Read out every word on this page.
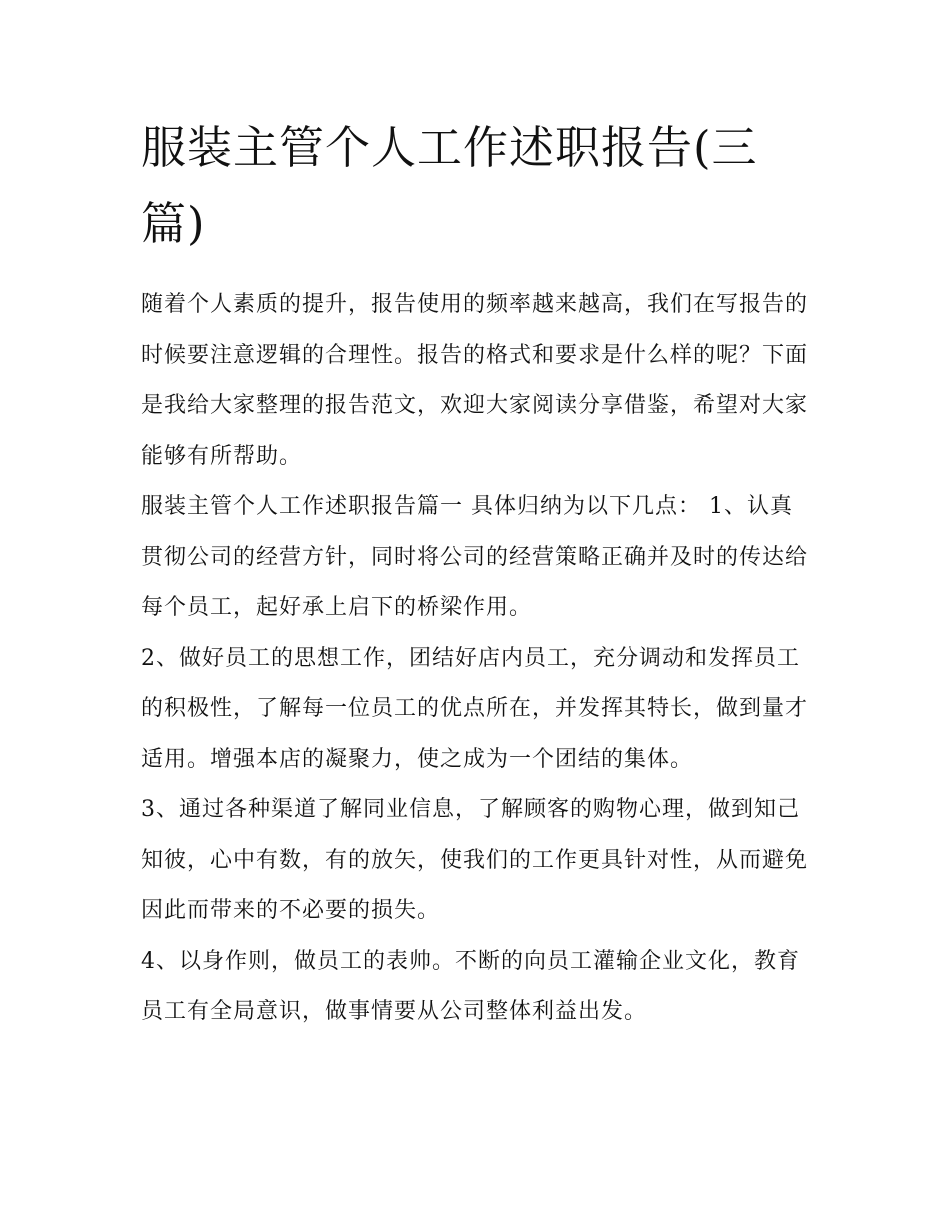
服装主管个人工作述职报告(三篇)

随着个人素质的提升，报告使用的频率越来越高，我们在写报告的时候要注意逻辑的合理性。报告的格式和要求是什么样的呢？下面是我给大家整理的报告范文，欢迎大家阅读分享借鉴，希望对大家能够有所帮助。

服装主管个人工作述职报告篇一 具体归纳为以下几点： 1、认真贯彻公司的经营方针，同时将公司的经营策略正确并及时的传达给每个员工，起好承上启下的桥梁作用。

2、做好员工的思想工作，团结好店内员工，充分调动和发挥员工的积极性，了解每一位员工的优点所在，并发挥其特长，做到量才适用。增强本店的凝聚力，使之成为一个团结的集体。

3、通过各种渠道了解同业信息，了解顾客的购物心理，做到知己知彼，心中有数，有的放矢，使我们的工作更具针对性，从而避免因此而带来的不必要的损失。

4、以身作则，做员工的表帅。不断的向员工灌输企业文化，教育员工有全局意识，做事情要从公司整体利益出发。
